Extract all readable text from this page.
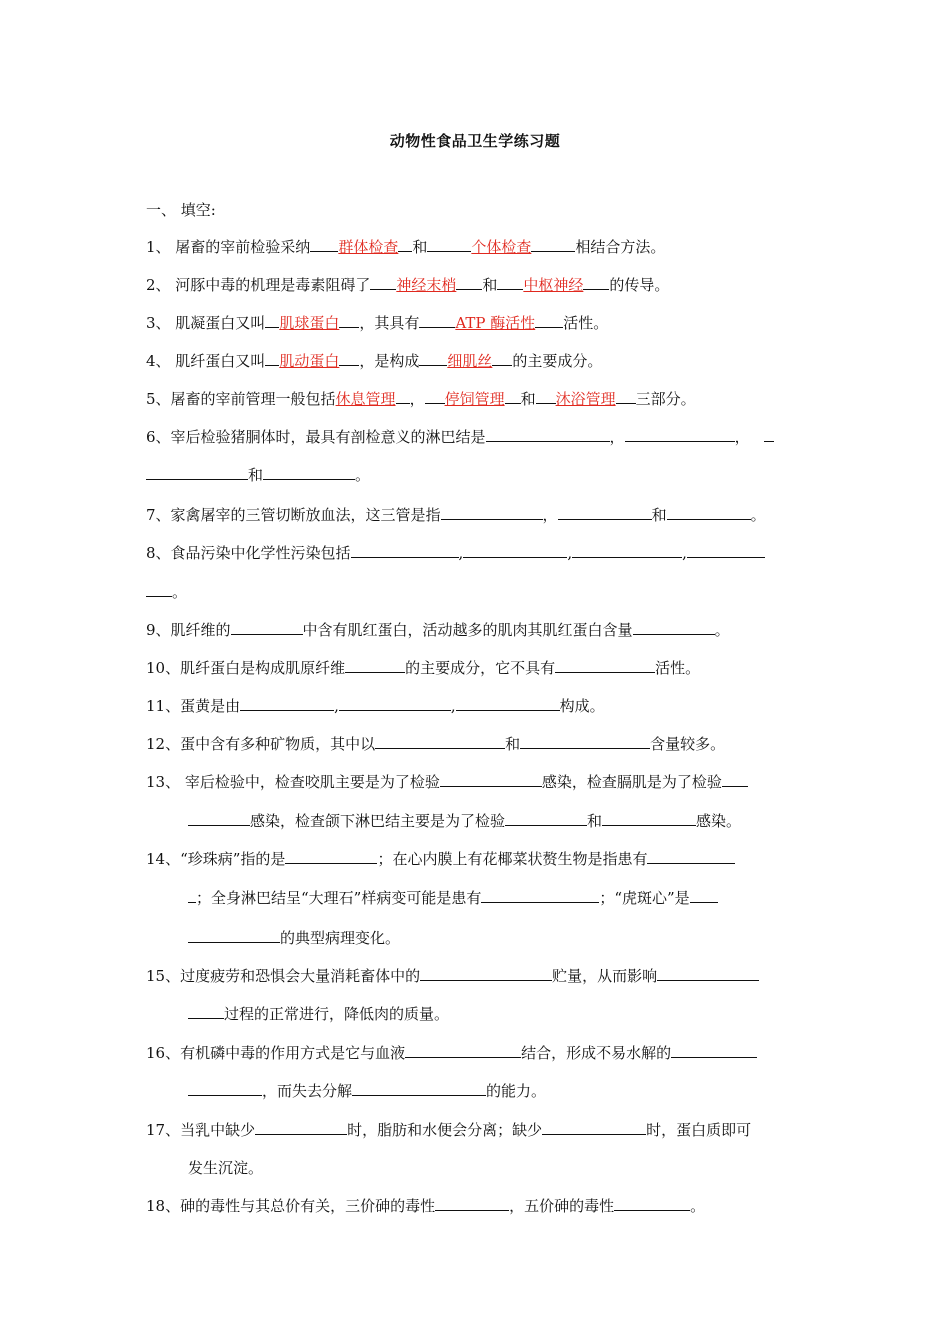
动物性食品卫生学练习题
一、 填空:
1、 屠畜的宰前检验采纳 群体检查 和	个体检查	相结合方法。
2、 河豚中毒的机理是毒素阻碍了 神经末梢 和 中枢神经 的传导。
3、 肌凝蛋白又叫 肌球蛋白 ，其具有 ATP 酶活性 活性。
4、 肌纤蛋白又叫 肌动蛋白 ，是构成 细肌丝 的主要成分。
5、屠畜的宰前管理一般包括休息管理 ， 停饲管理 和 沐浴管理 三部分。
6、宰后检验猪胴体时，最具有剖检意义的淋巴结是	，	，
和	。
7、家禽屠宰的三管切断放血法，这三管是指	，	和	。
8、食品污染中化学性污染包括	,	,	,
。
9、肌纤维的	中含有肌红蛋白，活动越多的肌肉其肌红蛋白含量	。
10、肌纤蛋白是构成肌原纤维	的主要成分，它不具有	活性。
11、蛋黄是由	,	,	构成。
12、蛋中含有多种矿物质，其中以	和	含量较多。
13、 宰后检验中，检查咬肌主要是为了检验	感染，检查膈肌是为了检验
感染，检查颌下淋巴结主要是为了检验	和	感染。
14、“珍珠病”指的是	；在心内膜上有花椰菜状赘生物是指患有
；全身淋巴结呈“大理石”样病变可能是患有	；“虎斑心”是
的典型病理变化。
15、过度疲劳和恐惧会大量消耗畜体中的	贮量，从而影响
过程的正常进行，降低肉的质量。
16、有机磷中毒的作用方式是它与血液	结合，形成不易水解的
，而失去分解	的能力。
17、当乳中缺少	时，脂肪和水便会分离；缺少	时，蛋白质即可
发生沉淀。
18、砷的毒性与其总价有关，三价砷的毒性	，五价砷的毒性	。
